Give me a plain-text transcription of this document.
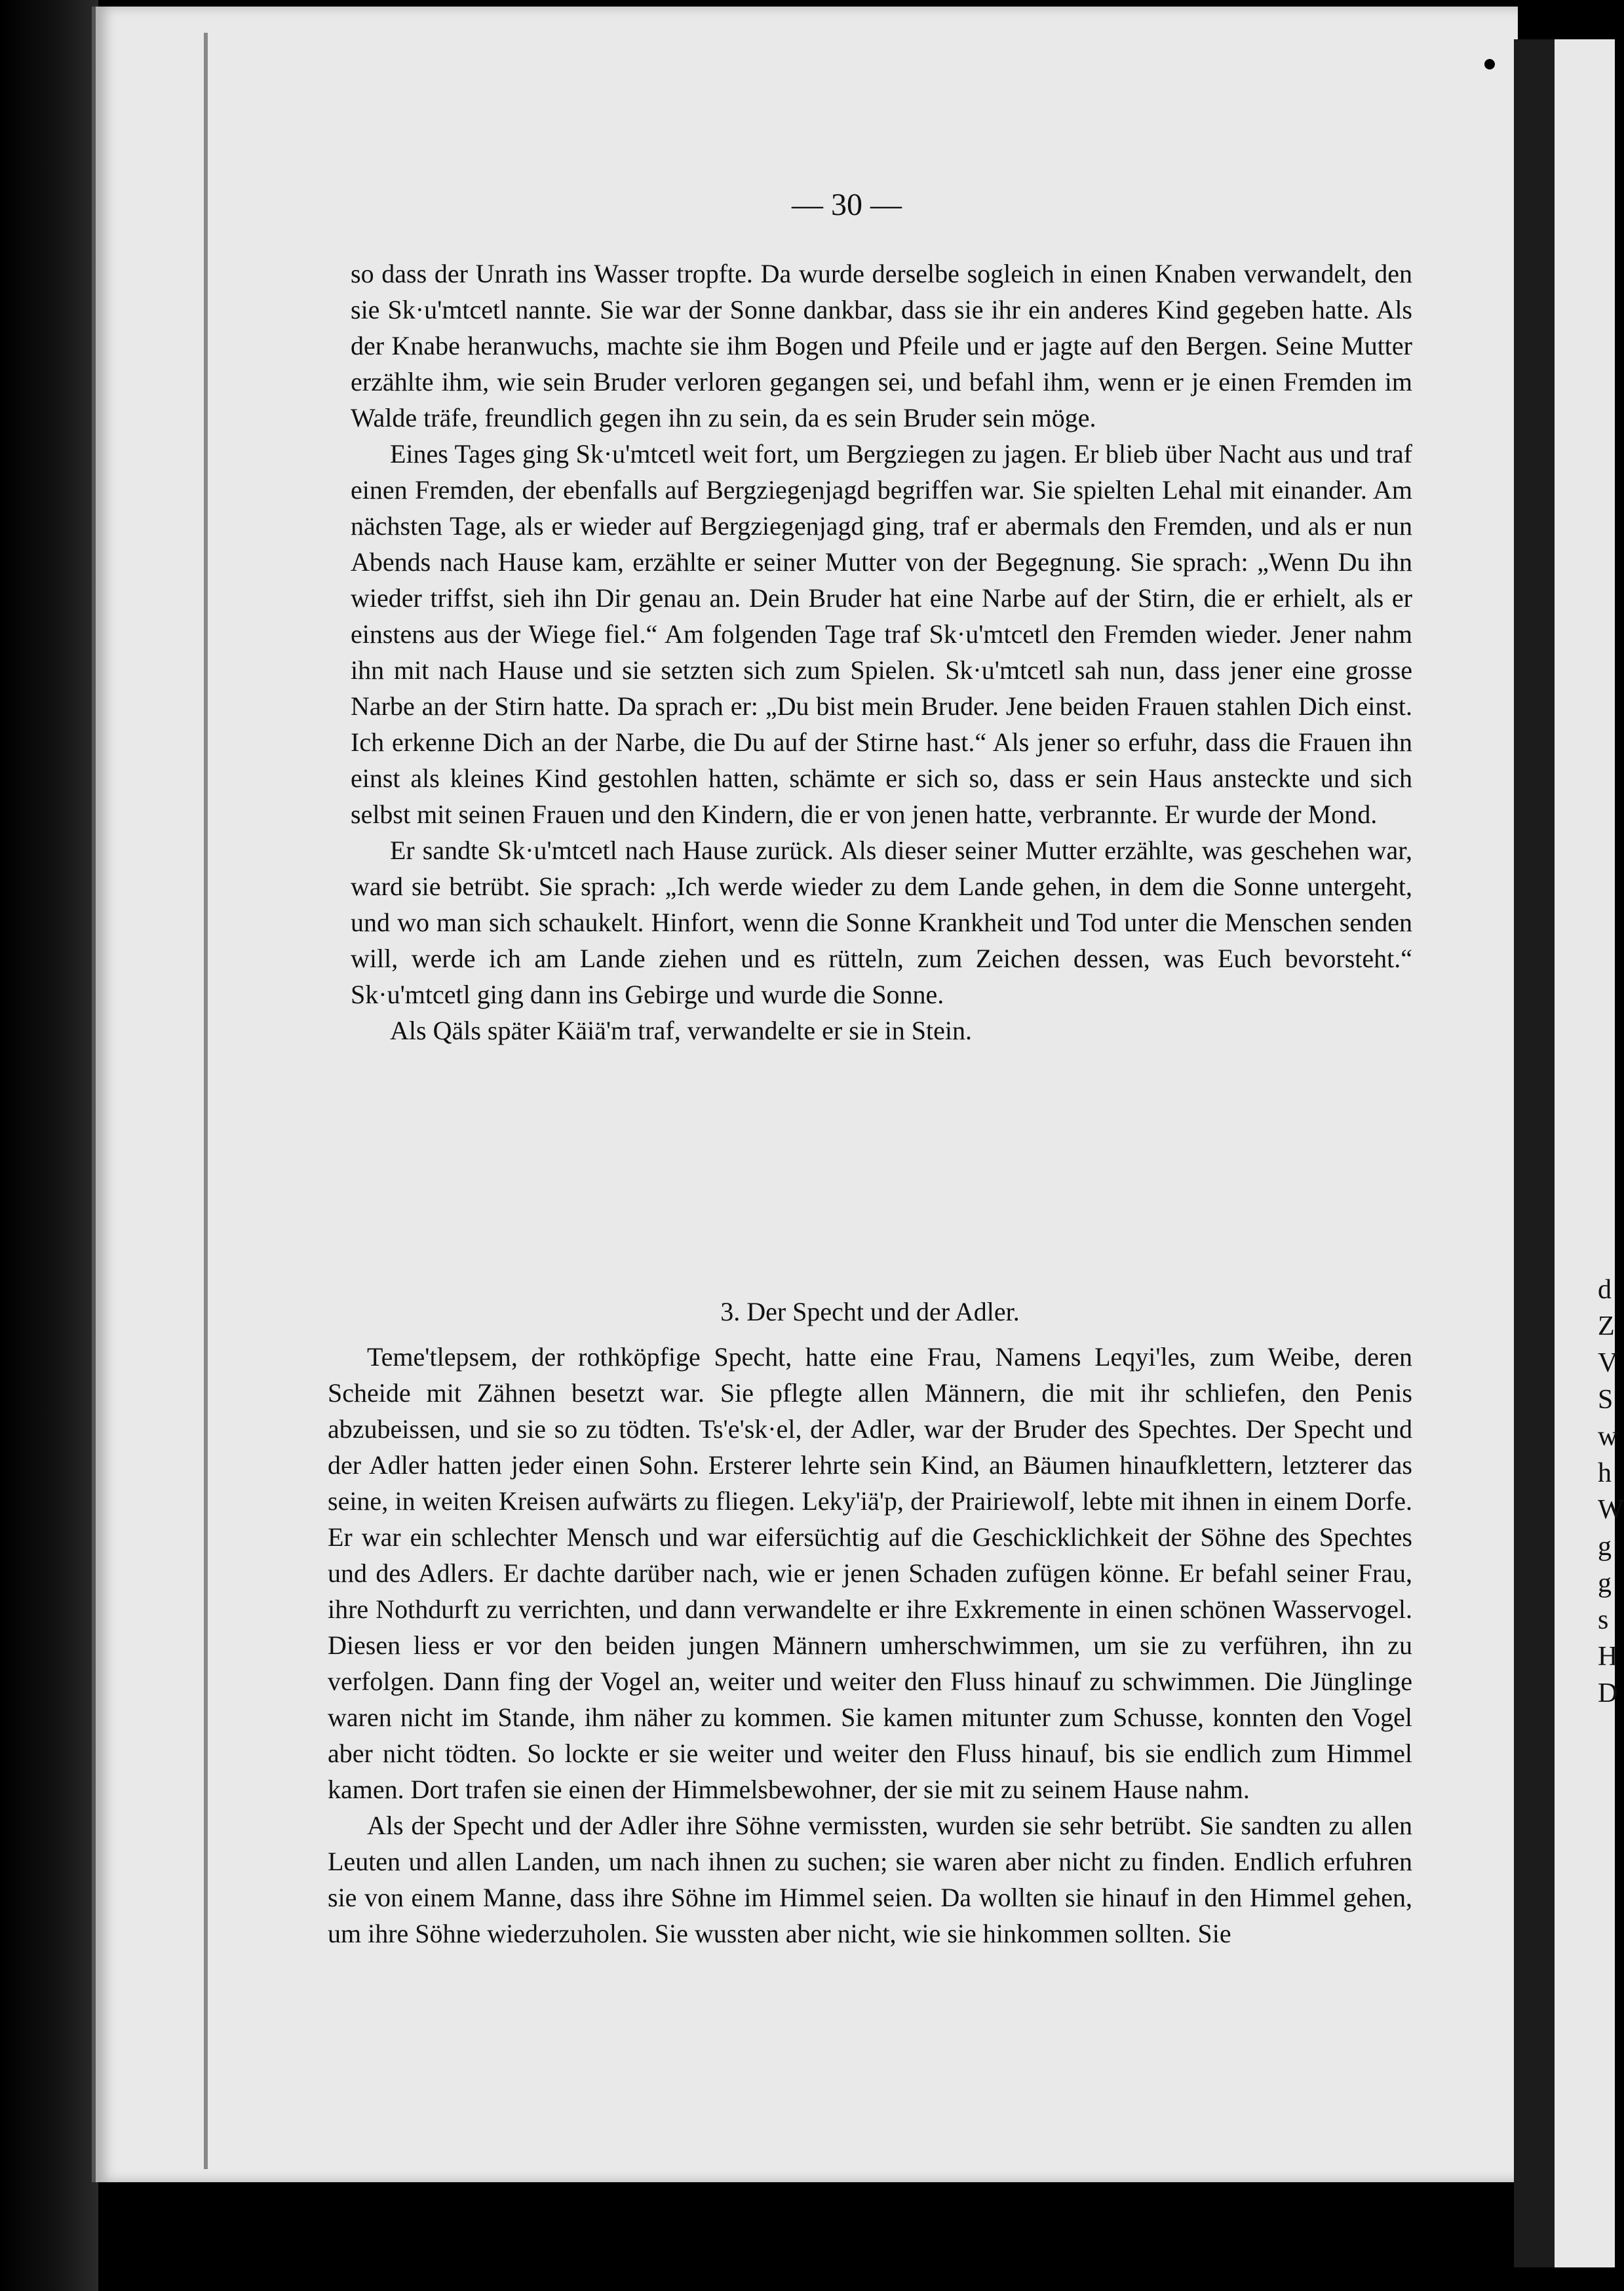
d
Z
V
S
w
h
W
g
g
s
H
D
— 30 —

so dass der Unrath ins Wasser tropfte. Da wurde derselbe sogleich in einen Knaben verwandelt, den sie Sk·u'mtcetl nannte. Sie war der Sonne dankbar, dass sie ihr ein anderes Kind gegeben hatte. Als der Knabe heranwuchs, machte sie ihm Bogen und Pfeile und er jagte auf den Bergen. Seine Mutter erzählte ihm, wie sein Bruder verloren gegangen sei, und befahl ihm, wenn er je einen Fremden im Walde träfe, freundlich gegen ihn zu sein, da es sein Bruder sein möge.

Eines Tages ging Sk·u'mtcetl weit fort, um Bergziegen zu jagen. Er blieb über Nacht aus und traf einen Fremden, der ebenfalls auf Bergziegenjagd begriffen war. Sie spielten Lehal mit einander. Am nächsten Tage, als er wieder auf Bergziegenjagd ging, traf er abermals den Fremden, und als er nun Abends nach Hause kam, erzählte er seiner Mutter von der Begegnung. Sie sprach: „Wenn Du ihn wieder triffst, sieh ihn Dir genau an. Dein Bruder hat eine Narbe auf der Stirn, die er erhielt, als er einstens aus der Wiege fiel.“ Am folgenden Tage traf Sk·u'mtcetl den Fremden wieder. Jener nahm ihn mit nach Hause und sie setzten sich zum Spielen. Sk·u'mtcetl sah nun, dass jener eine grosse Narbe an der Stirn hatte. Da sprach er: „Du bist mein Bruder. Jene beiden Frauen stahlen Dich einst. Ich erkenne Dich an der Narbe, die Du auf der Stirne hast.“ Als jener so erfuhr, dass die Frauen ihn einst als kleines Kind gestohlen hatten, schämte er sich so, dass er sein Haus ansteckte und sich selbst mit seinen Frauen und den Kindern, die er von jenen hatte, verbrannte. Er wurde der Mond.

Er sandte Sk·u'mtcetl nach Hause zurück. Als dieser seiner Mutter erzählte, was geschehen war, ward sie betrübt. Sie sprach: „Ich werde wieder zu dem Lande gehen, in dem die Sonne untergeht, und wo man sich schaukelt. Hinfort, wenn die Sonne Krankheit und Tod unter die Menschen senden will, werde ich am Lande ziehen und es rütteln, zum Zeichen dessen, was Euch bevorsteht.“ Sk·u'mtcetl ging dann ins Gebirge und wurde die Sonne.

Als Qäls später Käiä'm traf, verwandelte er sie in Stein.

3. Der Specht und der Adler.

Teme'tlepsem, der rothköpfige Specht, hatte eine Frau, Namens Leqyi'les, zum Weibe, deren Scheide mit Zähnen besetzt war. Sie pflegte allen Männern, die mit ihr schliefen, den Penis abzubeissen, und sie so zu tödten. Ts'e'sk·el, der Adler, war der Bruder des Spechtes. Der Specht und der Adler hatten jeder einen Sohn. Ersterer lehrte sein Kind, an Bäumen hinaufklettern, letzterer das seine, in weiten Kreisen aufwärts zu fliegen. Leky'iä'p, der Prairiewolf, lebte mit ihnen in einem Dorfe. Er war ein schlechter Mensch und war eifersüchtig auf die Geschicklichkeit der Söhne des Spechtes und des Adlers. Er dachte darüber nach, wie er jenen Schaden zufügen könne. Er befahl seiner Frau, ihre Nothdurft zu verrichten, und dann verwandelte er ihre Exkremente in einen schönen Wasservogel. Diesen liess er vor den beiden jungen Männern umherschwimmen, um sie zu verführen, ihn zu verfolgen. Dann fing der Vogel an, weiter und weiter den Fluss hinauf zu schwimmen. Die Jünglinge waren nicht im Stande, ihm näher zu kommen. Sie kamen mitunter zum Schusse, konnten den Vogel aber nicht tödten. So lockte er sie weiter und weiter den Fluss hinauf, bis sie endlich zum Himmel kamen. Dort trafen sie einen der Himmelsbewohner, der sie mit zu seinem Hause nahm.

Als der Specht und der Adler ihre Söhne vermissten, wurden sie sehr betrübt. Sie sandten zu allen Leuten und allen Landen, um nach ihnen zu suchen; sie waren aber nicht zu finden. Endlich erfuhren sie von einem Manne, dass ihre Söhne im Himmel seien. Da wollten sie hinauf in den Himmel gehen, um ihre Söhne wiederzuholen. Sie wussten aber nicht, wie sie hinkommen sollten. Sie
